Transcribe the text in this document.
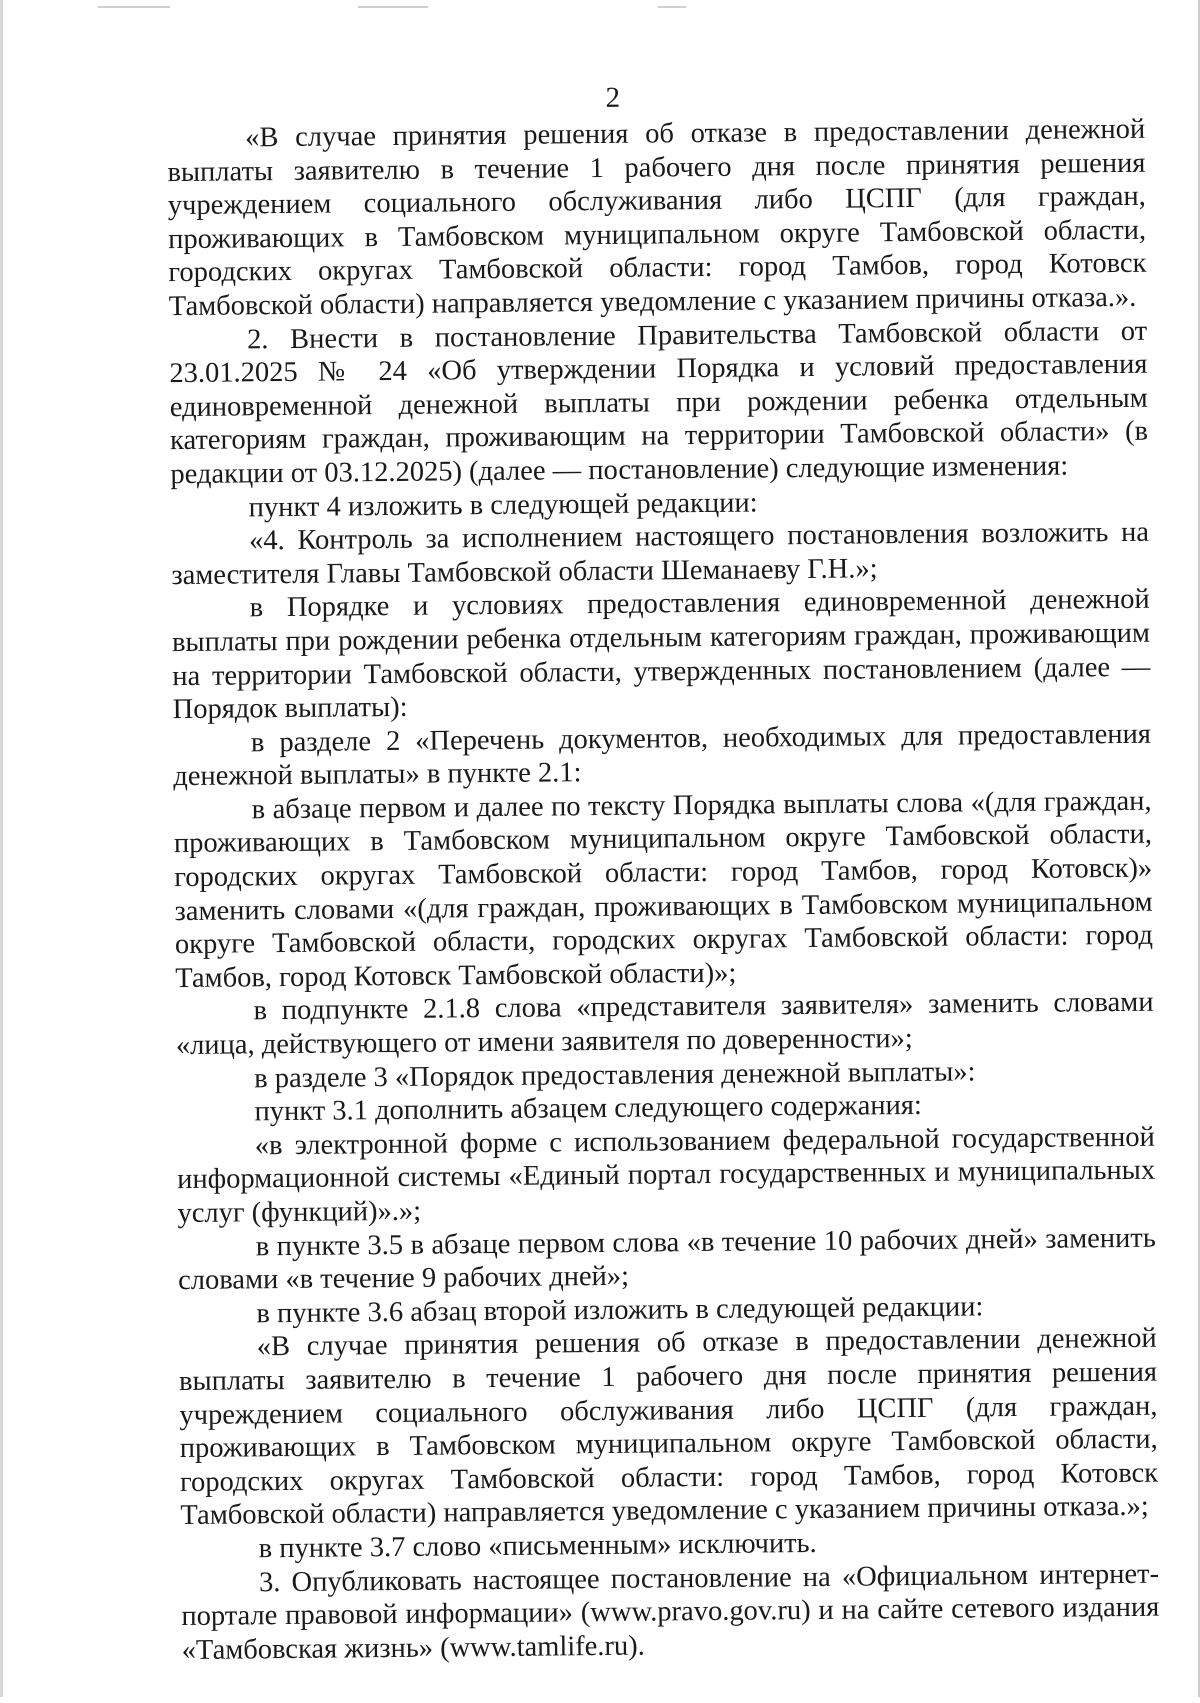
2

«В случае принятия решения об отказе в предоставлении денежной выплаты заявителю в течение 1 рабочего дня после принятия решения учреждением социального обслуживания либо ЦСПГ (для граждан, проживающих в Тамбовском муниципальном округе Тамбовской области, городских округах Тамбовской области: город Тамбов, город Котовск Тамбовской области) направляется уведомление с указанием причины отказа.».

2. Внести в постановление Правительства Тамбовской области от 23.01.2025 № 24 «Об утверждении Порядка и условий предоставления единовременной денежной выплаты при рождении ребенка отдельным категориям граждан, проживающим на территории Тамбовской области» (в редакции от 03.12.2025) (далее — постановление) следующие изменения:

пункт 4 изложить в следующей редакции:

«4. Контроль за исполнением настоящего постановления возложить на заместителя Главы Тамбовской области Шеманаеву Г.Н.»;

в Порядке и условиях предоставления единовременной денежной выплаты при рождении ребенка отдельным категориям граждан, проживающим на территории Тамбовской области, утвержденных постановлением (далее — Порядок выплаты):

в разделе 2 «Перечень документов, необходимых для предоставления денежной выплаты» в пункте 2.1:

в абзаце первом и далее по тексту Порядка выплаты слова «(для граждан, проживающих в Тамбовском муниципальном округе Тамбовской области, городских округах Тамбовской области: город Тамбов, город Котовск)» заменить словами «(для граждан, проживающих в Тамбовском муниципальном округе Тамбовской области, городских округах Тамбовской области: город Тамбов, город Котовск Тамбовской области)»;

в подпункте 2.1.8 слова «представителя заявителя» заменить словами «лица, действующего от имени заявителя по доверенности»;

в разделе 3 «Порядок предоставления денежной выплаты»:

пункт 3.1 дополнить абзацем следующего содержания:

«в электронной форме с использованием федеральной государственной информационной системы «Единый портал государственных и муниципальных услуг (функций)».»;

в пункте 3.5 в абзаце первом слова «в течение 10 рабочих дней» заменить словами «в течение 9 рабочих дней»;

в пункте 3.6 абзац второй изложить в следующей редакции:

«В случае принятия решения об отказе в предоставлении денежной выплаты заявителю в течение 1 рабочего дня после принятия решения учреждением социального обслуживания либо ЦСПГ (для граждан, проживающих в Тамбовском муниципальном округе Тамбовской области, городских округах Тамбовской области: город Тамбов, город Котовск Тамбовской области) направляется уведомление с указанием причины отказа.»;

в пункте 3.7 слово «письменным» исключить.

3. Опубликовать настоящее постановление на «Официальном интернет-портале правовой информации» (www.pravo.gov.ru) и на сайте сетевого издания «Тамбовская жизнь» (www.tamlife.ru).
